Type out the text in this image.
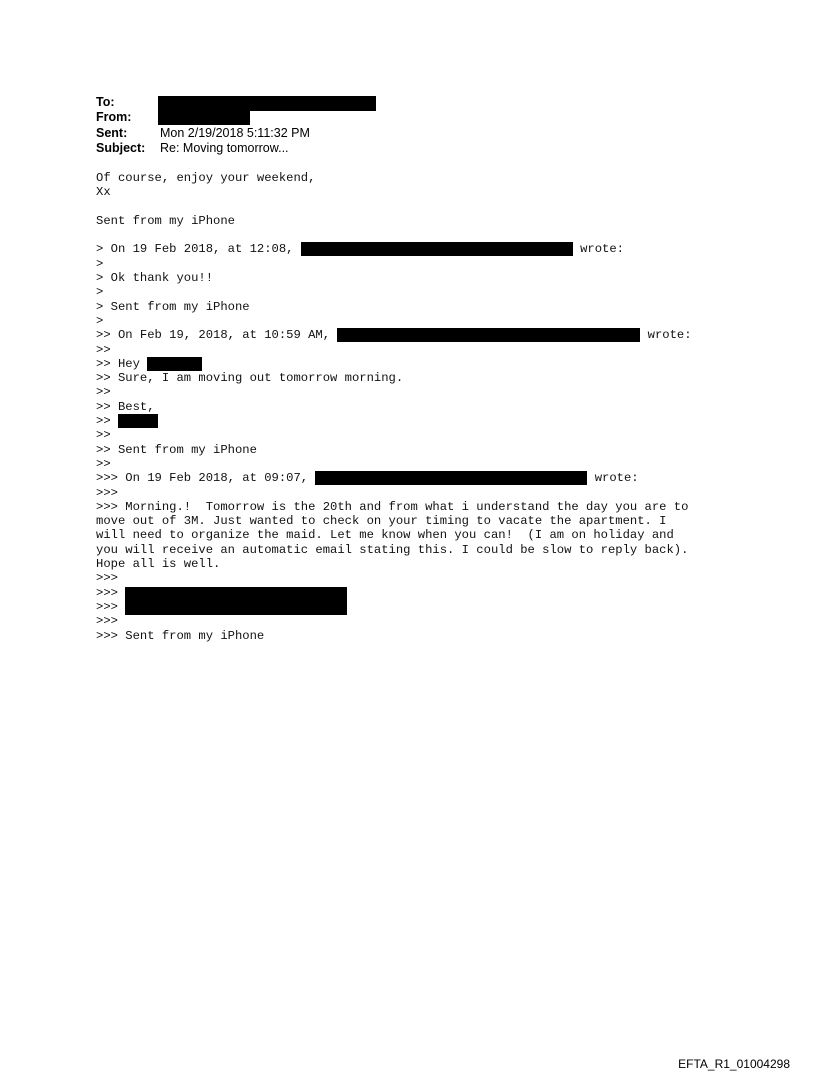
To:
From:
Sent:	Mon 2/19/2018 5:11:32 PM
Subject: Re: Moving tomorrow...
Of course, enjoy your weekend,
Xx
Sent from my iPhone
> On 19 Feb 2018, at 12:08,	wrote:
>
> Ok thank you!!
>
> Sent from my iPhone
>
>> On Feb 19, 2018, at 10:59 AM,	wrote:
>>
>> Hey
>> Sure, I am moving out tomorrow morning.
>>
>> Best,
>>
>>
>> Sent from my iPhone
>>
>>> On 19 Feb 2018, at 09:07,	wrote:
>>>
>>> Morning.!  Tomorrow is the 20th and from what i understand the day you are to
move out of 3M. Just wanted to check on your timing to vacate the apartment. I
will need to organize the maid. Let me know when you can!  (I am on holiday and
you will receive an automatic email stating this. I could be slow to reply back).
Hope all is well.
>>>
>>>
>>>
>>>
>>> Sent from my iPhone
EFTA_R1_01004298
